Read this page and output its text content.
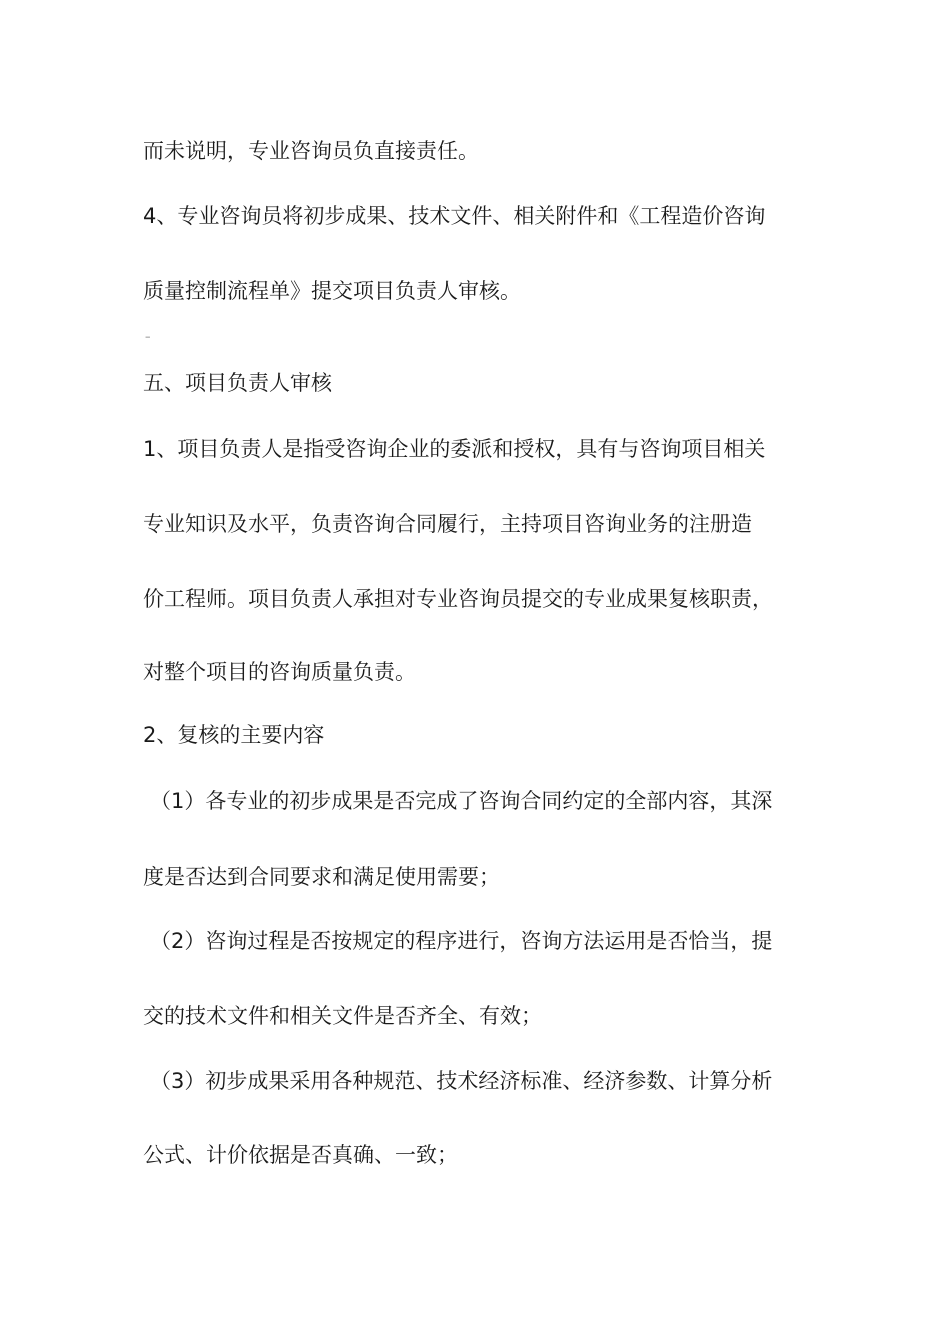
而未说明，专业咨询员负直接责任。
4、专业咨询员将初步成果、技术文件、相关附件和《工程造价咨询
质量控制流程单》提交项目负责人审核。
–
五、项目负责人审核
1、项目负责人是指受咨询企业的委派和授权，具有与咨询项目相关
专业知识及水平，负责咨询合同履行，主持项目咨询业务的注册造
价工程师。项目负责人承担对专业咨询员提交的专业成果复核职责，
对整个项目的咨询质量负责。
2、复核的主要内容
（1）各专业的初步成果是否完成了咨询合同约定的全部内容，其深
度是否达到合同要求和满足使用需要；
（2）咨询过程是否按规定的程序进行，咨询方法运用是否恰当，提
交的技术文件和相关文件是否齐全、有效；
（3）初步成果采用各种规范、技术经济标准、经济参数、计算分析
公式、计价依据是否真确、一致；
